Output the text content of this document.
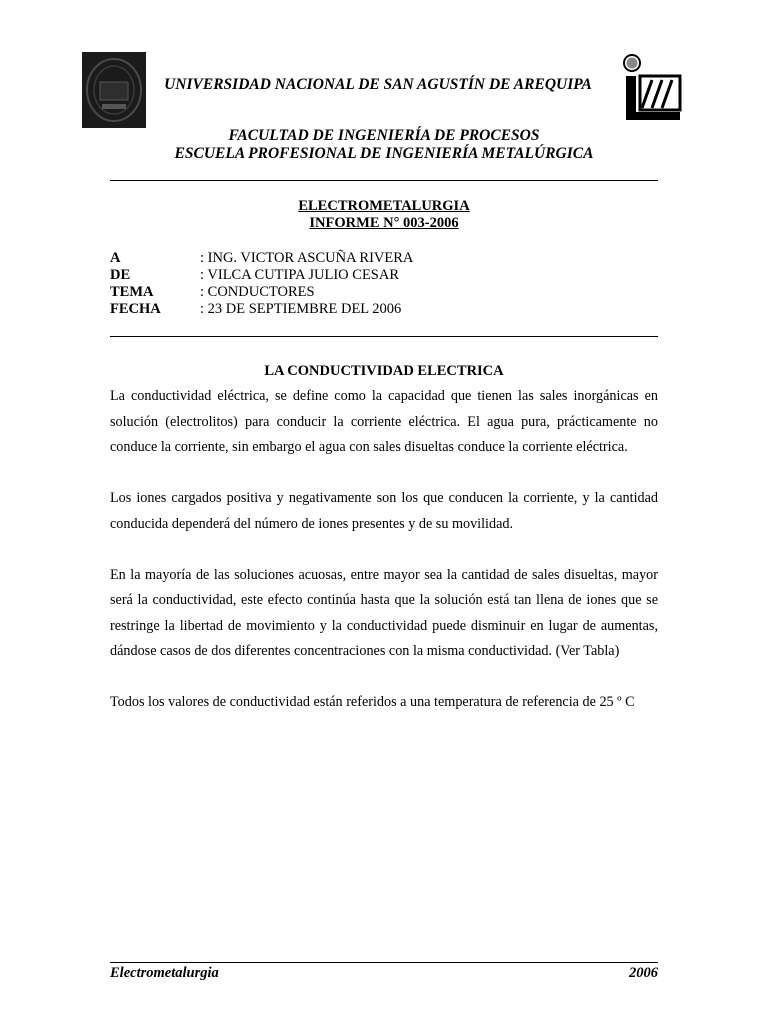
UNIVERSIDAD NACIONAL DE SAN AGUSTÍN DE AREQUIPA
FACULTAD DE INGENIERÍA DE PROCESOS
ESCUELA PROFESIONAL DE INGENIERÍA METALÚRGICA
ELECTROMETALURGIA
INFORME N° 003-2006
A	: ING. VICTOR ASCUÑA RIVERA
DE	: VILCA CUTIPA JULIO CESAR
TEMA	: CONDUCTORES
FECHA	: 23 DE SEPTIEMBRE DEL 2006
LA CONDUCTIVIDAD ELECTRICA

La conductividad eléctrica, se define como la capacidad que tienen las sales inorgánicas en solución (electrolitos) para conducir la corriente eléctrica. El agua pura, prácticamente no conduce la corriente, sin embargo el agua con sales disueltas conduce la corriente eléctrica.

Los iones cargados positiva y negativamente son los que conducen la corriente, y la cantidad conducida dependerá del número de iones presentes y de su movilidad.

En la mayoría de las soluciones acuosas, entre mayor sea la cantidad de sales disueltas, mayor será la conductividad, este efecto continúa hasta que la solución está tan llena de iones que se restringe la libertad de movimiento y la conductividad puede disminuir en lugar de aumentas, dándose casos de dos diferentes concentraciones con la misma conductividad. (Ver Tabla)

Todos los valores de conductividad están referidos a una temperatura de referencia de 25 º C

Electrometalurgia	2006
